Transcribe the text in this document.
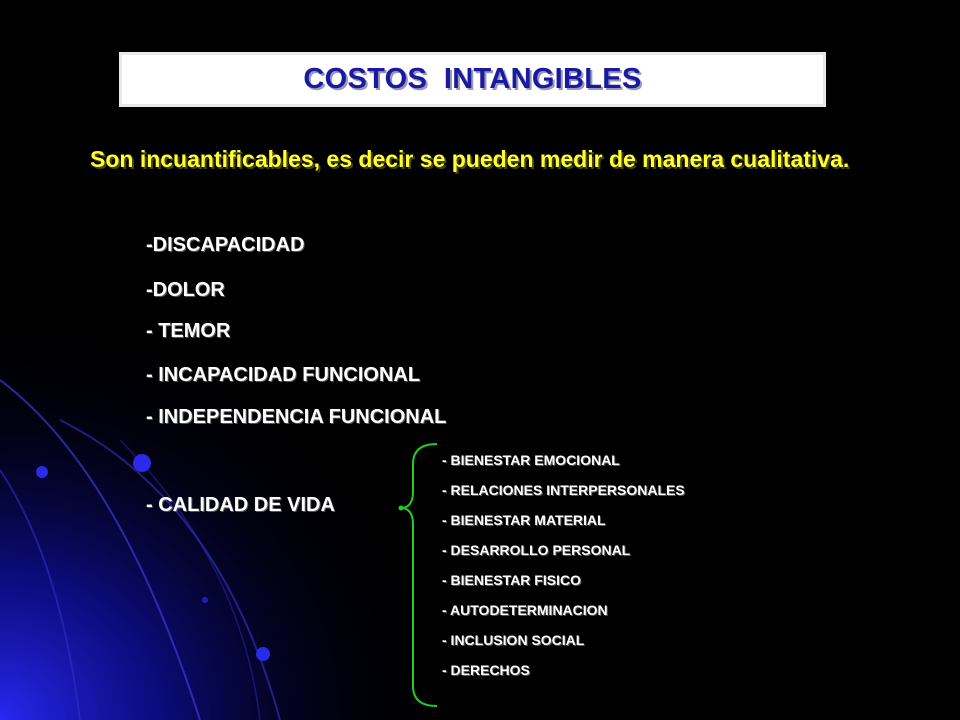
COSTOS  INTANGIBLES
Son incuantificables, es decir se pueden medir de manera cualitativa.
-DISCAPACIDAD
-DOLOR
- TEMOR
- INCAPACIDAD FUNCIONAL
- INDEPENDENCIA FUNCIONAL
- CALIDAD DE VIDA
- BIENESTAR EMOCIONAL
- RELACIONES INTERPERSONALES
- BIENESTAR MATERIAL
- DESARROLLO PERSONAL
- BIENESTAR FISICO
- AUTODETERMINACION
- INCLUSION SOCIAL
- DERECHOS
